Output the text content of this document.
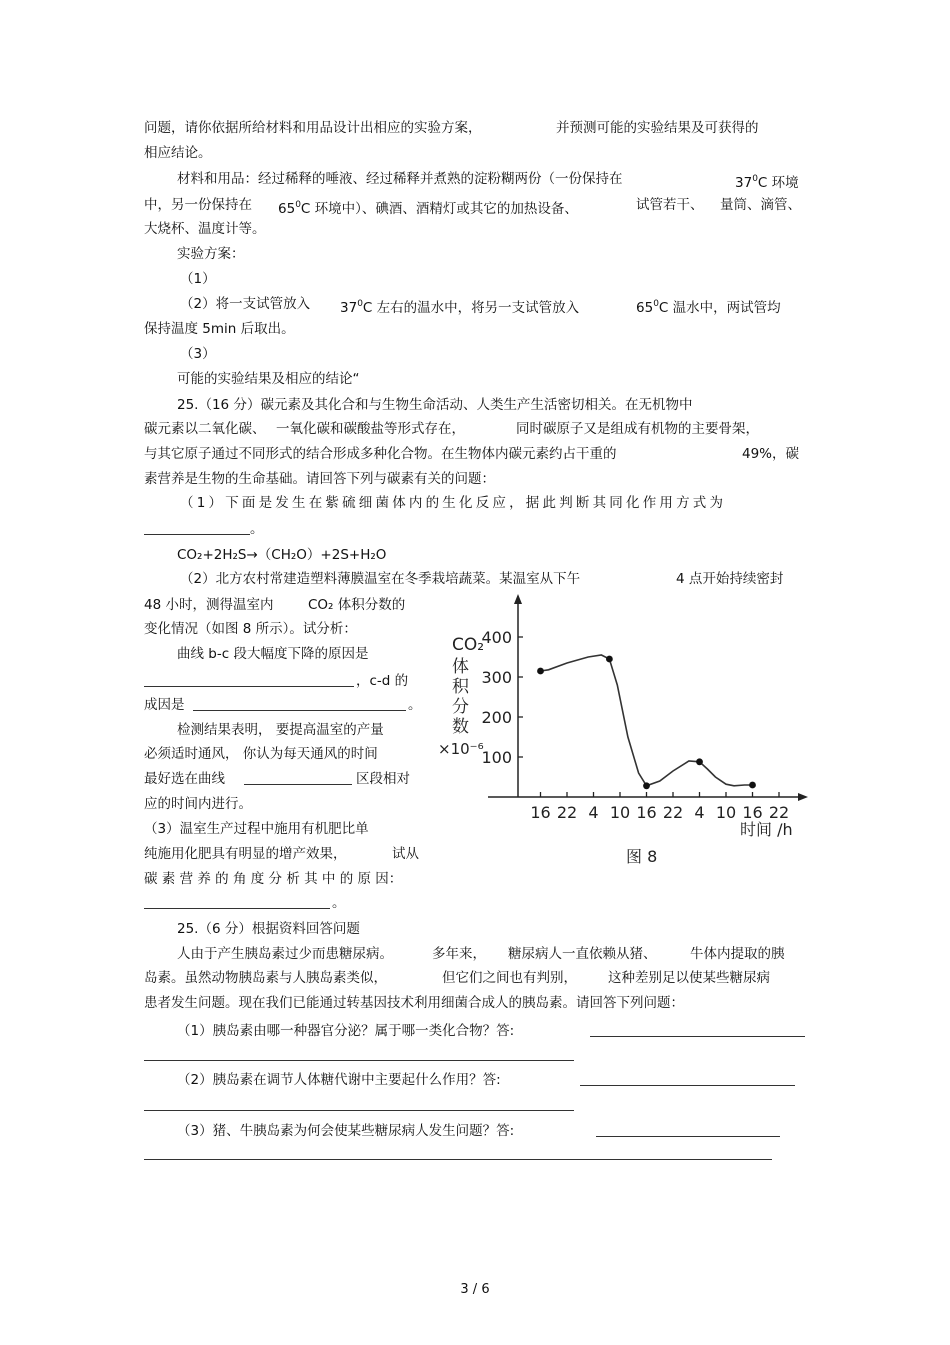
问题，请你依据所给材料和用品设计出相应的实验方案，	并预测可能的实验结果及可获得的
相应结论。
材料和用品：经过稀释的唾液、经过稀释并煮熟的淀粉糊两份（一份保持在	$37^0C$ 环境
中，另一份保持在 $65^0C$ 环境中）、碘酒、酒精灯或其它的加热设备、	试管若干、 量筒、滴管、
大烧杯、温度计等。
实验方案：
（1）
（2）将一支试管放入 $37^0C$ 左右的温水中，将另一支试管放入	$65^0C$ 温水中，两试管均
保持温度 5min 后取出。
（3）
可能的实验结果及相应的结论“
25.（16 分）碳元素及其化合和与生物生命活动、人类生产生活密切相关。在无机物中
碳元素以二氧化碳、 一氧化碳和碳酸盐等形式存在，	同时碳原子又是组成有机物的主要骨架，
与其它原子通过不同形式的结合形成多种化合物。在生物体内碳元素约占干重的	49%，碳
素营养是生物的生命基础。请回答下列与碳素有关的问题：
（1）下面是发生在紫硫细菌体内的生化反应，据此判断其同化作用方式为
。
CO₂+2H₂S→（CH₂O）+2S+H₂O
（2）北方农村常建造塑料薄膜温室在冬季栽培蔬菜。某温室从下午	4 点开始持续密封
48 小时，测得温室内	CO₂ 体积分数的
变化情况（如图 8 所示）。试分析：
曲线 b-c 段大幅度下降的原因是
，c-d 的
成因是	。
检测结果表明， 要提高温室的产量
必须适时通风， 你认为每天通风的时间
最好选在曲线	区段相对
应的时间内进行。
（3）温室生产过程中施用有机肥比单
纯施用化肥具有明显的增产效果，	试从
碳 素 营 养 的 角 度 分 析 其 中 的 原 因：
。
100
200
300
400
16 22 4 10 16 22 4 10 16 22
CO₂
体
积
分
数
×10⁻⁶
时间 /h
图 8
25.（6 分）根据资料回答问题
人由于产生胰岛素过少而患糖尿病。	多年来， 糖尿病人一直依赖从猪、 牛体内提取的胰
岛素。虽然动物胰岛素与人胰岛素类似，	但它们之间也有判别， 这种差别足以使某些糖尿病
患者发生问题。现在我们已能通过转基因技术利用细菌合成人的胰岛素。请回答下列问题：
（1）胰岛素由哪一种器官分泌？属于哪一类化合物？答:
（2）胰岛素在调节人体糖代谢中主要起什么作用？答:
（3）猪、牛胰岛素为何会使某些糖尿病人发生问题？答:
3 / 6
